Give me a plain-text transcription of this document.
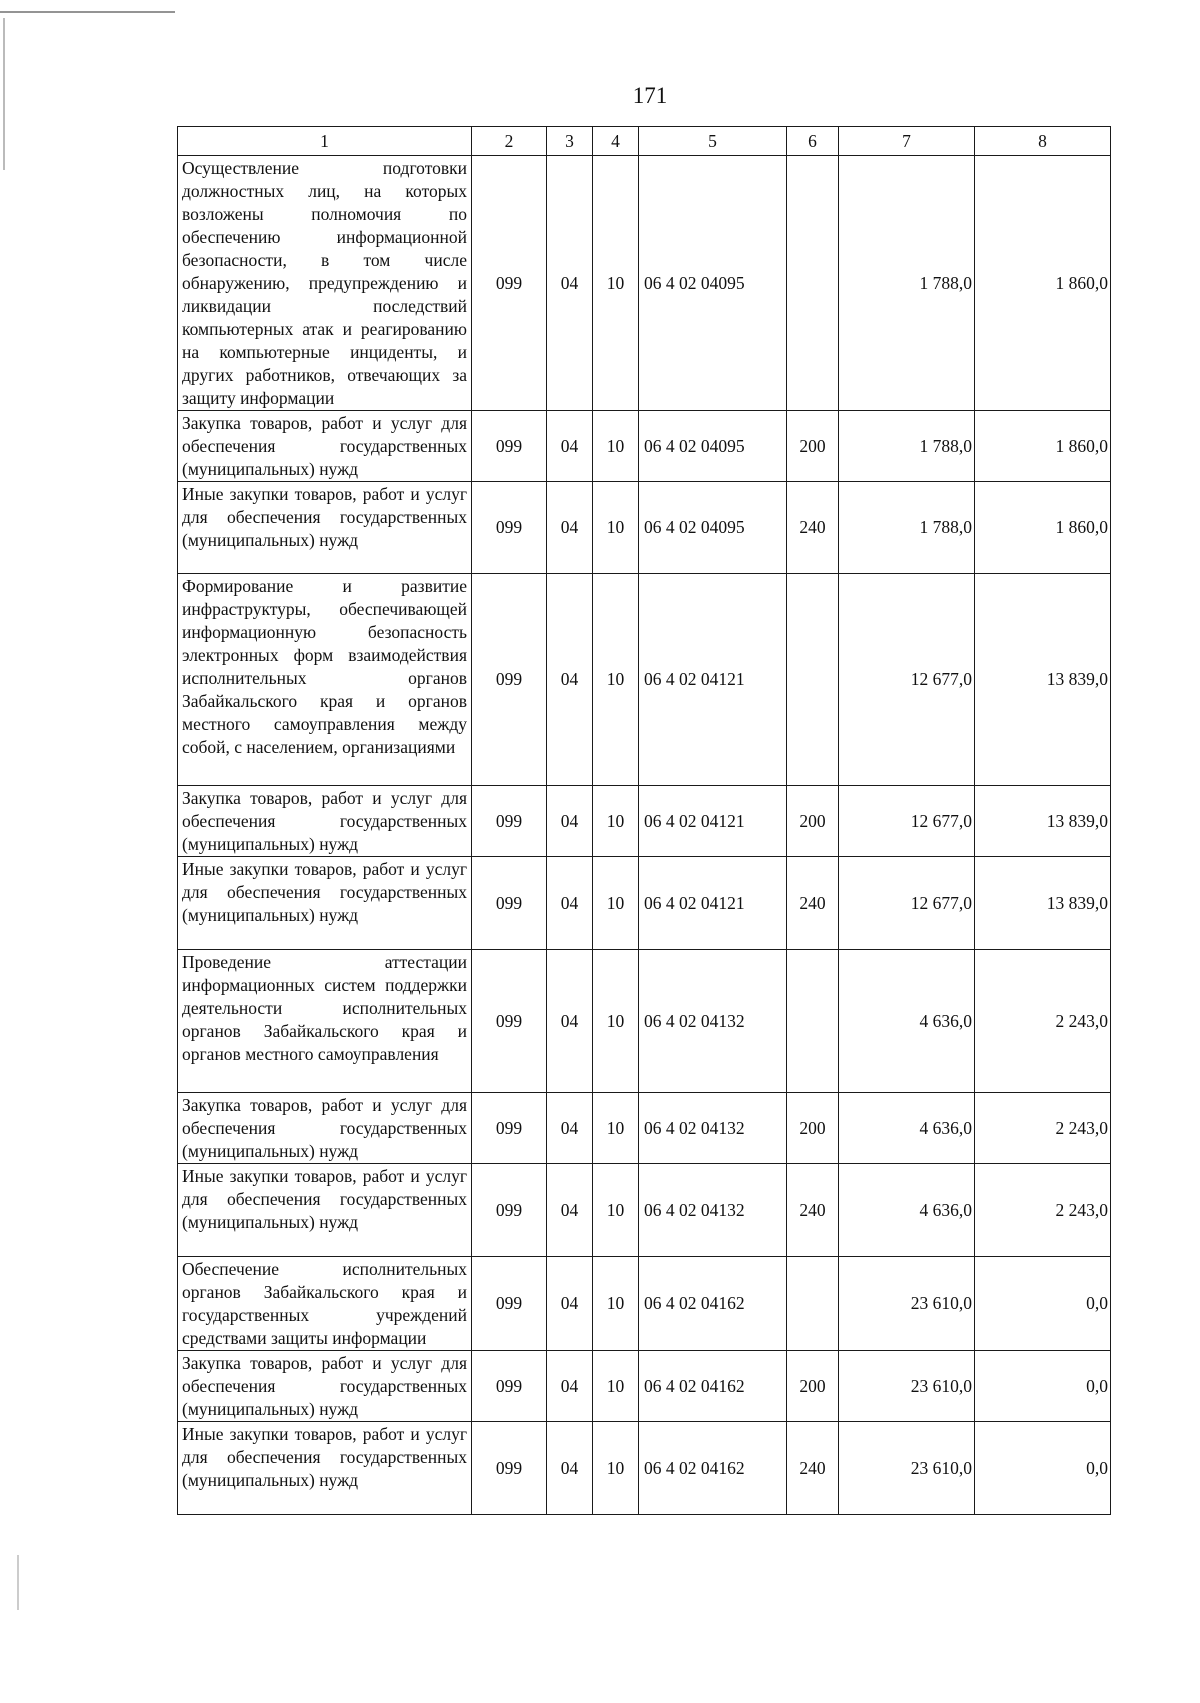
171
1	2	3	4	5	6	7	8
Осуществление подготовки должностных лиц, на которых возложены полномочия по обеспечению информационной безопасности, в том числе обнаружению, предупреждению и ликвидации последствий компьютерных атак и реагированию на компьютерные инциденты, и других работников, отвечающих за защиту информации	099	04	10	06 4 02 04095		1 788,0	1 860,0
Закупка товаров, работ и услуг для обеспечения государственных (муниципальных) нужд	099	04	10	06 4 02 04095	200	1 788,0	1 860,0
Иные закупки товаров, работ и услуг для обеспечения государственных (муниципальных) нужд	099	04	10	06 4 02 04095	240	1 788,0	1 860,0
Формирование и развитие инфраструктуры, обеспечивающей информационную безопасность электронных форм взаимодействия исполнительных органов Забайкальского края и органов местного самоуправления между собой, с населением, организациями	099	04	10	06 4 02 04121		12 677,0	13 839,0
Закупка товаров, работ и услуг для обеспечения государственных (муниципальных) нужд	099	04	10	06 4 02 04121	200	12 677,0	13 839,0
Иные закупки товаров, работ и услуг для обеспечения государственных (муниципальных) нужд	099	04	10	06 4 02 04121	240	12 677,0	13 839,0
Проведение аттестации информационных систем поддержки деятельности исполнительных органов Забайкальского края и органов местного самоуправления	099	04	10	06 4 02 04132		4 636,0	2 243,0
Закупка товаров, работ и услуг для обеспечения государственных (муниципальных) нужд	099	04	10	06 4 02 04132	200	4 636,0	2 243,0
Иные закупки товаров, работ и услуг для обеспечения государственных (муниципальных) нужд	099	04	10	06 4 02 04132	240	4 636,0	2 243,0
Обеспечение исполнительных органов Забайкальского края и государственных учреждений средствами защиты информации	099	04	10	06 4 02 04162		23 610,0	0,0
Закупка товаров, работ и услуг для обеспечения государственных (муниципальных) нужд	099	04	10	06 4 02 04162	200	23 610,0	0,0
Иные закупки товаров, работ и услуг для обеспечения государственных (муниципальных) нужд	099	04	10	06 4 02 04162	240	23 610,0	0,0
